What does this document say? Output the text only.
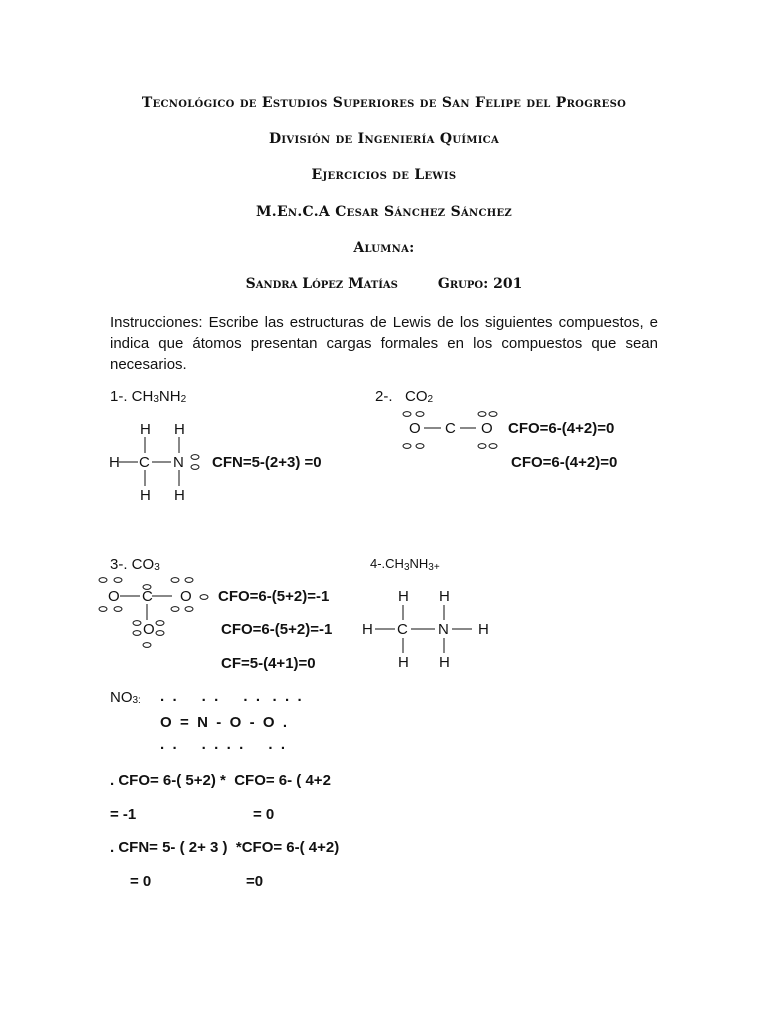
Tecnológico de Estudios Superiores de San Felipe del Progreso
División de Ingeniería Química
Ejercicios de Lewis
M.En.C.A Cesar Sánchez Sánchez
Alumna:
Sandra López Matías	Grupo: 201
Instrucciones: Escribe las estructuras de Lewis de los siguientes compuestos, e indica que átomos presentan cargas formales en los compuestos que sean necesarios.
1-. $CH_3NH_2$	2-.   $CO_2$
3-. $CO_3$	$4-.CH_3NH_{3+}$
H H
H C N
H H
CFN=5-(2+3) =0
O C O CFO=6-(4+2)=0
CFO=6-(4+2)=0
O C O
O
CFO=6-(5+2)=-1
CFO=6-(5+2)=-1
CF=5-(4+1)=0
H H
H C N H
H H
$NO_{3:}$ .  .      .  .      .  .   .  .  .
O  =  N  -  O  -  O  .
.  .      .  .  .  .      .  .
. CFO= 6-( 5+2) *  CFO= 6- ( 4+2
= -1	= 0
. CFN= 5- ( 2+ 3 )  *CFO= 6-( 4+2)
= 0	=0
